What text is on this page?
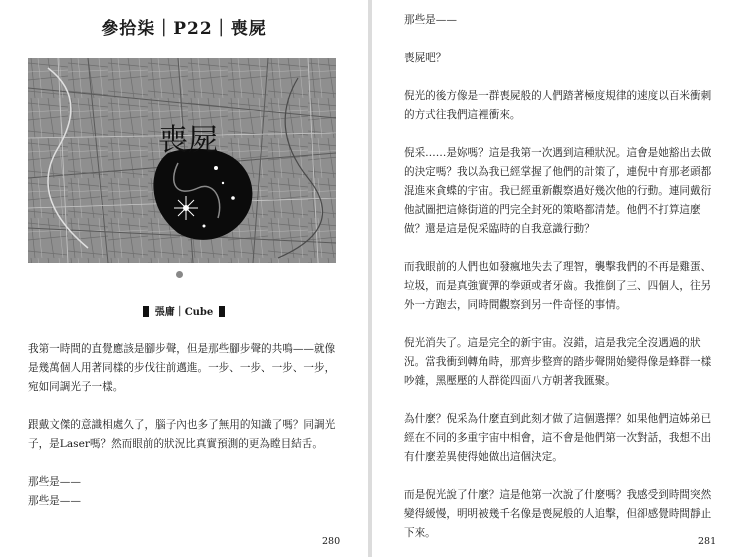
參拾柒｜P22｜喪屍
喪屍
張庸｜Cube

我第一時間的直覺應該是腳步聲，但是那些腳步聲的共鳴——就像是幾萬個人用著同樣的步伐往前邁進。一步、一步、一步、一步，宛如同調光子一樣。

跟戴文傑的意識相處久了，腦子內也多了無用的知識了嗎？同調光子，是Laser嗎？然而眼前的狀況比真實預測的更為瞠目結舌。

那些是——

那些是——

280

那些是——

喪屍吧？

倪光的後方像是一群喪屍般的人們踏著極度規律的速度以百米衝刺的方式往我們這裡衝來。

倪采……是妳嗎？這是我第一次遇到這種狀況。這會是她豁出去做的決定嗎？我以為我已經掌握了他們的計策了，連倪中育那老頭都混進來貪蝶的宇宙。我已經重新觀察過好幾次他的行動。連同戴衍他試圖把這條街道的門完全封死的策略都清楚。他們不打算這麼做？還是這是倪采臨時的自我意識行動？

而我眼前的人們也如發瘋地失去了理智，襲擊我們的不再是雞蛋、垃圾，而是真強實彈的拳頭或者牙齒。我推倒了三、四個人，往另外一方跑去，同時間觀察到另一件奇怪的事情。

倪光消失了。這是完全的新宇宙。沒錯，這是我完全沒遇過的狀況。當我衝到轉角時，那齊步整齊的踏步聲開始變得像是蜂群一樣吵雜，黑壓壓的人群從四面八方朝著我匯聚。

為什麼？倪采為什麼直到此刻才做了這個選擇？如果他們這姊弟已經在不同的多重宇宙中相會，這不會是他們第一次對話，我想不出有什麼差異使得她做出這個決定。

而是倪光說了什麼？這是他第一次說了什麼嗎？我感受到時間突然變得緩慢，明明被幾千名像是喪屍般的人追擊，但卻感覺時間靜止下來。

281
